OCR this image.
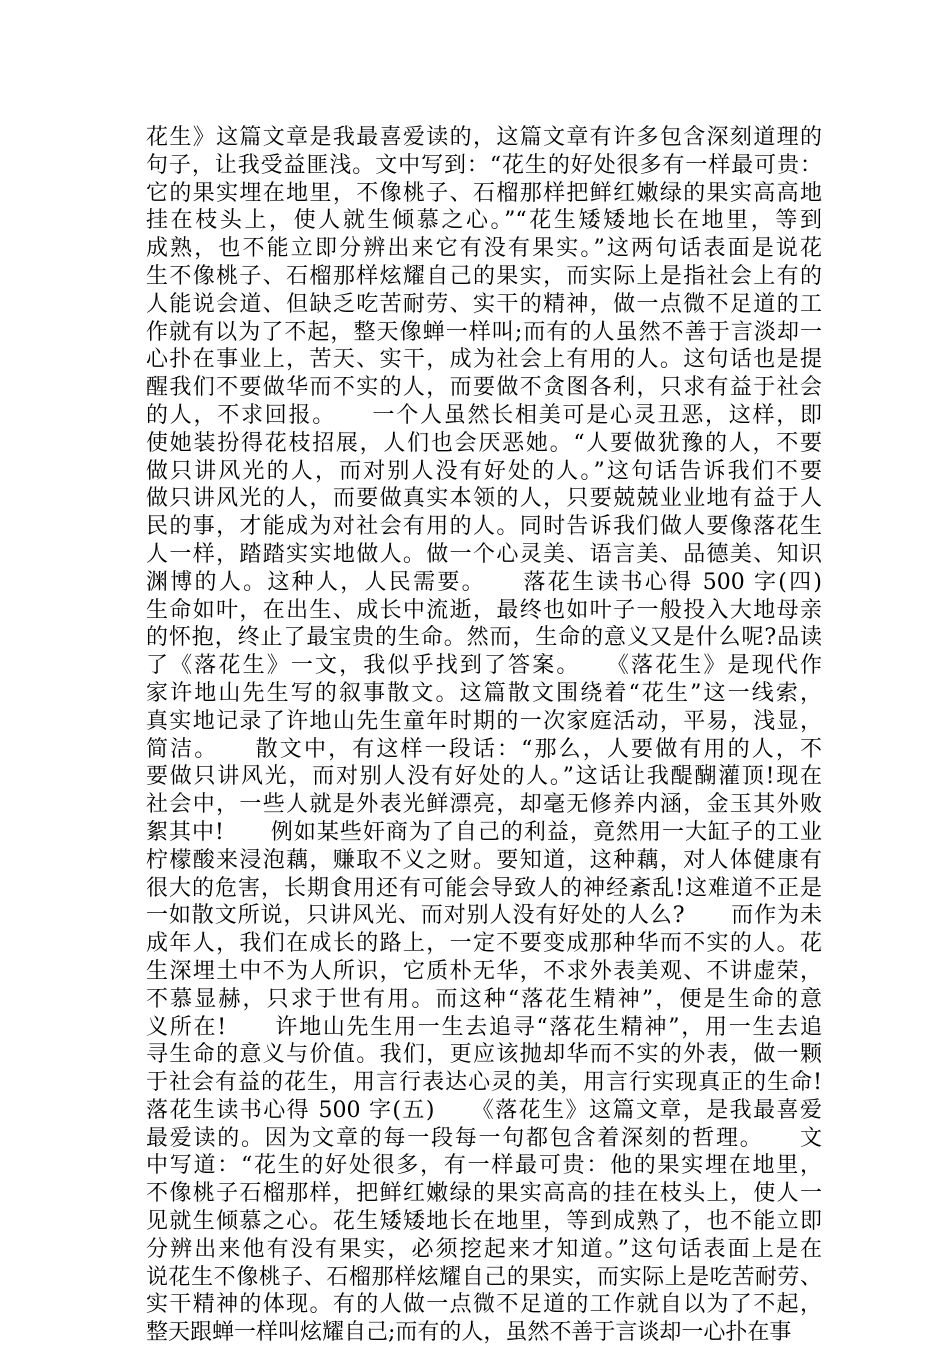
花生》这篇文章是我最喜爱读的，这篇文章有许多包含深刻道理的
句子，让我受益匪浅。文中写到：“花生的好处很多有一样最可贵：
它的果实埋在地里，不像桃子、石榴那样把鲜红嫩绿的果实高高地
挂在枝头上，使人就生倾慕之心。”“花生矮矮地长在地里，等到
成熟，也不能立即分辨出来它有没有果实。”这两句话表面是说花
生不像桃子、石榴那样炫耀自己的果实，而实际上是指社会上有的
人能说会道、但缺乏吃苦耐劳、实干的精神，做一点微不足道的工
作就有以为了不起，整天像蝉一样叫;而有的人虽然不善于言淡却一
心扑在事业上，苦天、实干，成为社会上有用的人。这句话也是提
醒我们不要做华而不实的人，而要做不贪图各利，只求有益于社会
的人，不求回报。　　一个人虽然长相美可是心灵丑恶，这样，即
使她装扮得花枝招展，人们也会厌恶她。“人要做犹豫的人，不要
做只讲风光的人，而对别人没有好处的人。”这句话告诉我们不要
做只讲风光的人，而要做真实本领的人，只要兢兢业业地有益于人
民的事，才能成为对社会有用的人。同时告诉我们做人要像落花生
人一样，踏踏实实地做人。做一个心灵美、语言美、品德美、知识
渊博的人。这种人，人民需要。　　落花生读书心得 500 字(四)
生命如叶，在出生、成长中流逝，最终也如叶子一般投入大地母亲
的怀抱，终止了最宝贵的生命。然而，生命的意义又是什么呢?品读
了《落花生》一文，我似乎找到了答案。　　《落花生》是现代作
家许地山先生写的叙事散文。这篇散文围绕着“花生”这一线索，
真实地记录了许地山先生童年时期的一次家庭活动，平易，浅显，
简洁。　　散文中，有这样一段话：“那么，人要做有用的人，不
要做只讲风光，而对别人没有好处的人。”这话让我醍醐灌顶!现在
社会中，一些人就是外表光鲜漂亮，却毫无修养内涵，金玉其外败
絮其中!　　例如某些奸商为了自己的利益，竟然用一大缸子的工业
柠檬酸来浸泡藕，赚取不义之财。要知道，这种藕，对人体健康有
很大的危害，长期食用还有可能会导致人的神经紊乱!这难道不正是
一如散文所说，只讲风光、而对别人没有好处的人么?　　而作为未
成年人，我们在成长的路上，一定不要变成那种华而不实的人。花
生深埋土中不为人所识，它质朴无华，不求外表美观、不讲虚荣，
不慕显赫，只求于世有用。而这种“落花生精神”，便是生命的意
义所在!　　许地山先生用一生去追寻“落花生精神”，用一生去追
寻生命的意义与价值。我们，更应该抛却华而不实的外表，做一颗
于社会有益的花生，用言行表达心灵的美，用言行实现真正的生命!
落花生读书心得 500 字(五)　　《落花生》这篇文章，是我最喜爱
最爱读的。因为文章的每一段每一句都包含着深刻的哲理。　　文
中写道：“花生的好处很多，有一样最可贵：他的果实埋在地里，
不像桃子石榴那样，把鲜红嫩绿的果实高高的挂在枝头上，使人一
见就生倾慕之心。花生矮矮地长在地里，等到成熟了，也不能立即
分辨出来他有没有果实，必须挖起来才知道。”这句话表面上是在
说花生不像桃子、石榴那样炫耀自己的果实，而实际上是吃苦耐劳、
实干精神的体现。有的人做一点微不足道的工作就自以为了不起，
整天跟蝉一样叫炫耀自己;而有的人，虽然不善于言谈却一心扑在事
